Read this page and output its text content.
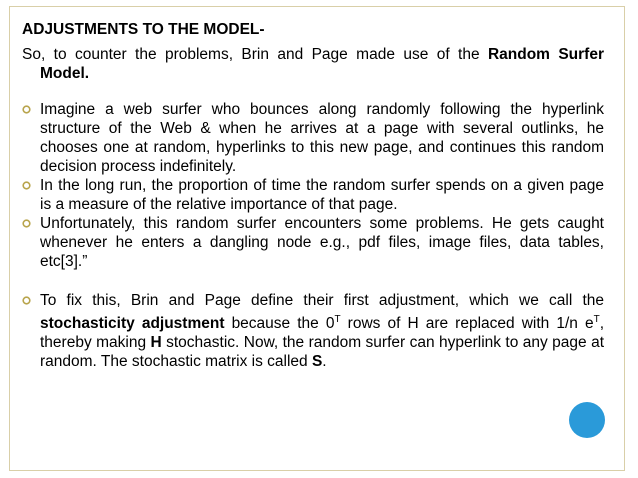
ADJUSTMENTS TO THE MODEL-
So, to counter the problems, Brin and Page made use of the Random Surfer Model.
Imagine a web surfer who bounces along randomly following the hyperlink structure of the Web & when he arrives at a page with several outlinks, he chooses one at random, hyperlinks to this new page, and continues this random decision process indefinitely.
In the long run, the proportion of time the random surfer spends on a given page is a measure of the relative importance of that page.
Unfortunately, this random surfer encounters some problems. He gets caught whenever he enters a dangling node e.g., pdf files, image files, data tables, etc[3].”
To fix this, Brin and Page define their first adjustment, which we call the stochasticity adjustment because the $0^T$ rows of H are replaced with 1/n $e^T$, thereby making H stochastic. Now, the random surfer can hyperlink to any page at random. The stochastic matrix is called S.
